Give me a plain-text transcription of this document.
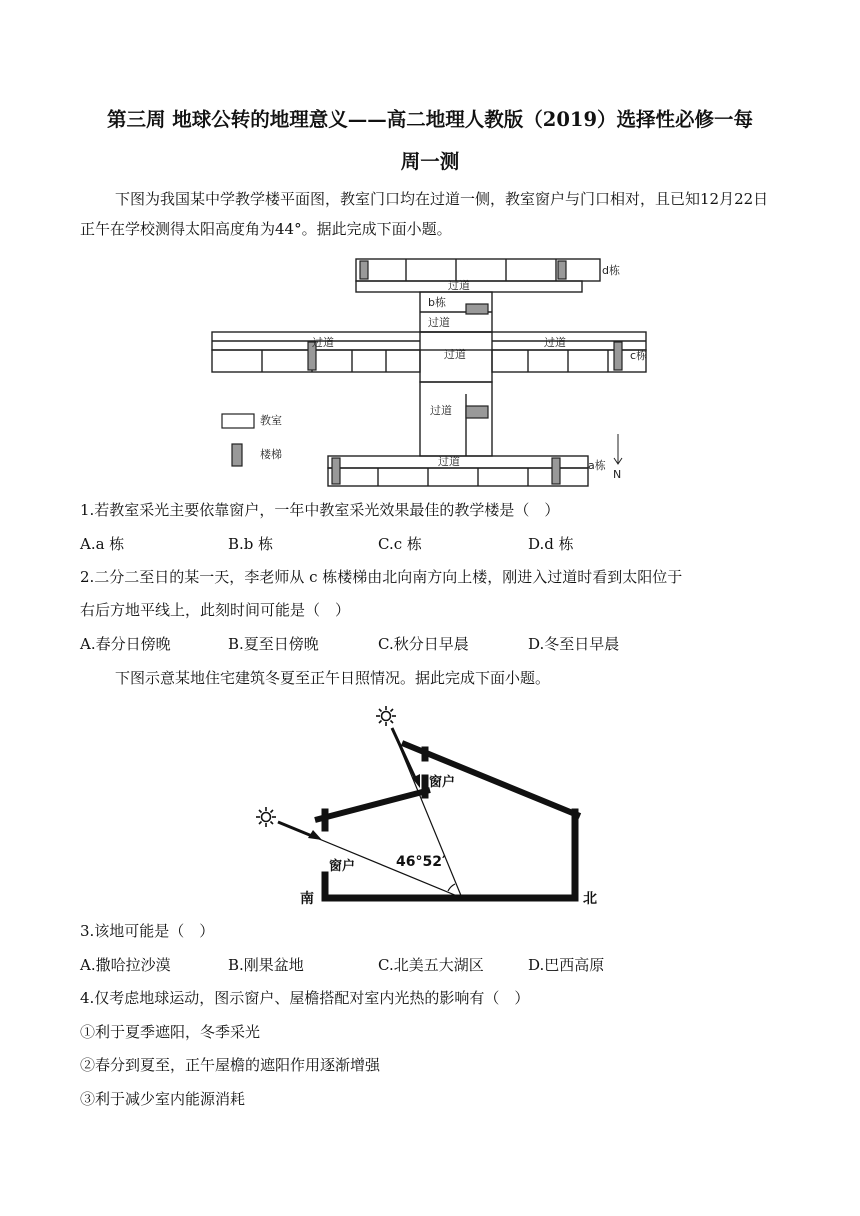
第三周 地球公转的地理意义——高二地理人教版（2019）选择性必修一每
周一测
下图为我国某中学教学楼平面图，教室门口均在过道一侧，教室窗户与门口相对，且已知12月22日正午在学校测得太阳高度角为44°。据此完成下面小题。
d栋
过道
b栋
过道
过道
过道
过道
c栋
过道
过道	a栋
教室
楼梯
N
1.若教室采光主要依靠窗户，一年中教室采光效果最佳的教学楼是（　）
A.a 栋	B.b 栋	C.c 栋	D.d 栋
2.二分二至日的某一天，李老师从 c 栋楼梯由北向南方向上楼，刚进入过道时看到太阳位于
右后方地平线上，此刻时间可能是（　）
A.春分日傍晚	B.夏至日傍晚	C.秋分日早晨	D.冬至日早晨
下图示意某地住宅建筑冬夏至正午日照情况。据此完成下面小题。
窗户
窗户
46°52′
南	北
3.该地可能是（　）
A.撒哈拉沙漠	B.刚果盆地	C.北美五大湖区	D.巴西高原
4.仅考虑地球运动，图示窗户、屋檐搭配对室内光热的影响有（　）
①利于夏季遮阳，冬季采光
②春分到夏至，正午屋檐的遮阳作用逐渐增强
③利于减少室内能源消耗
